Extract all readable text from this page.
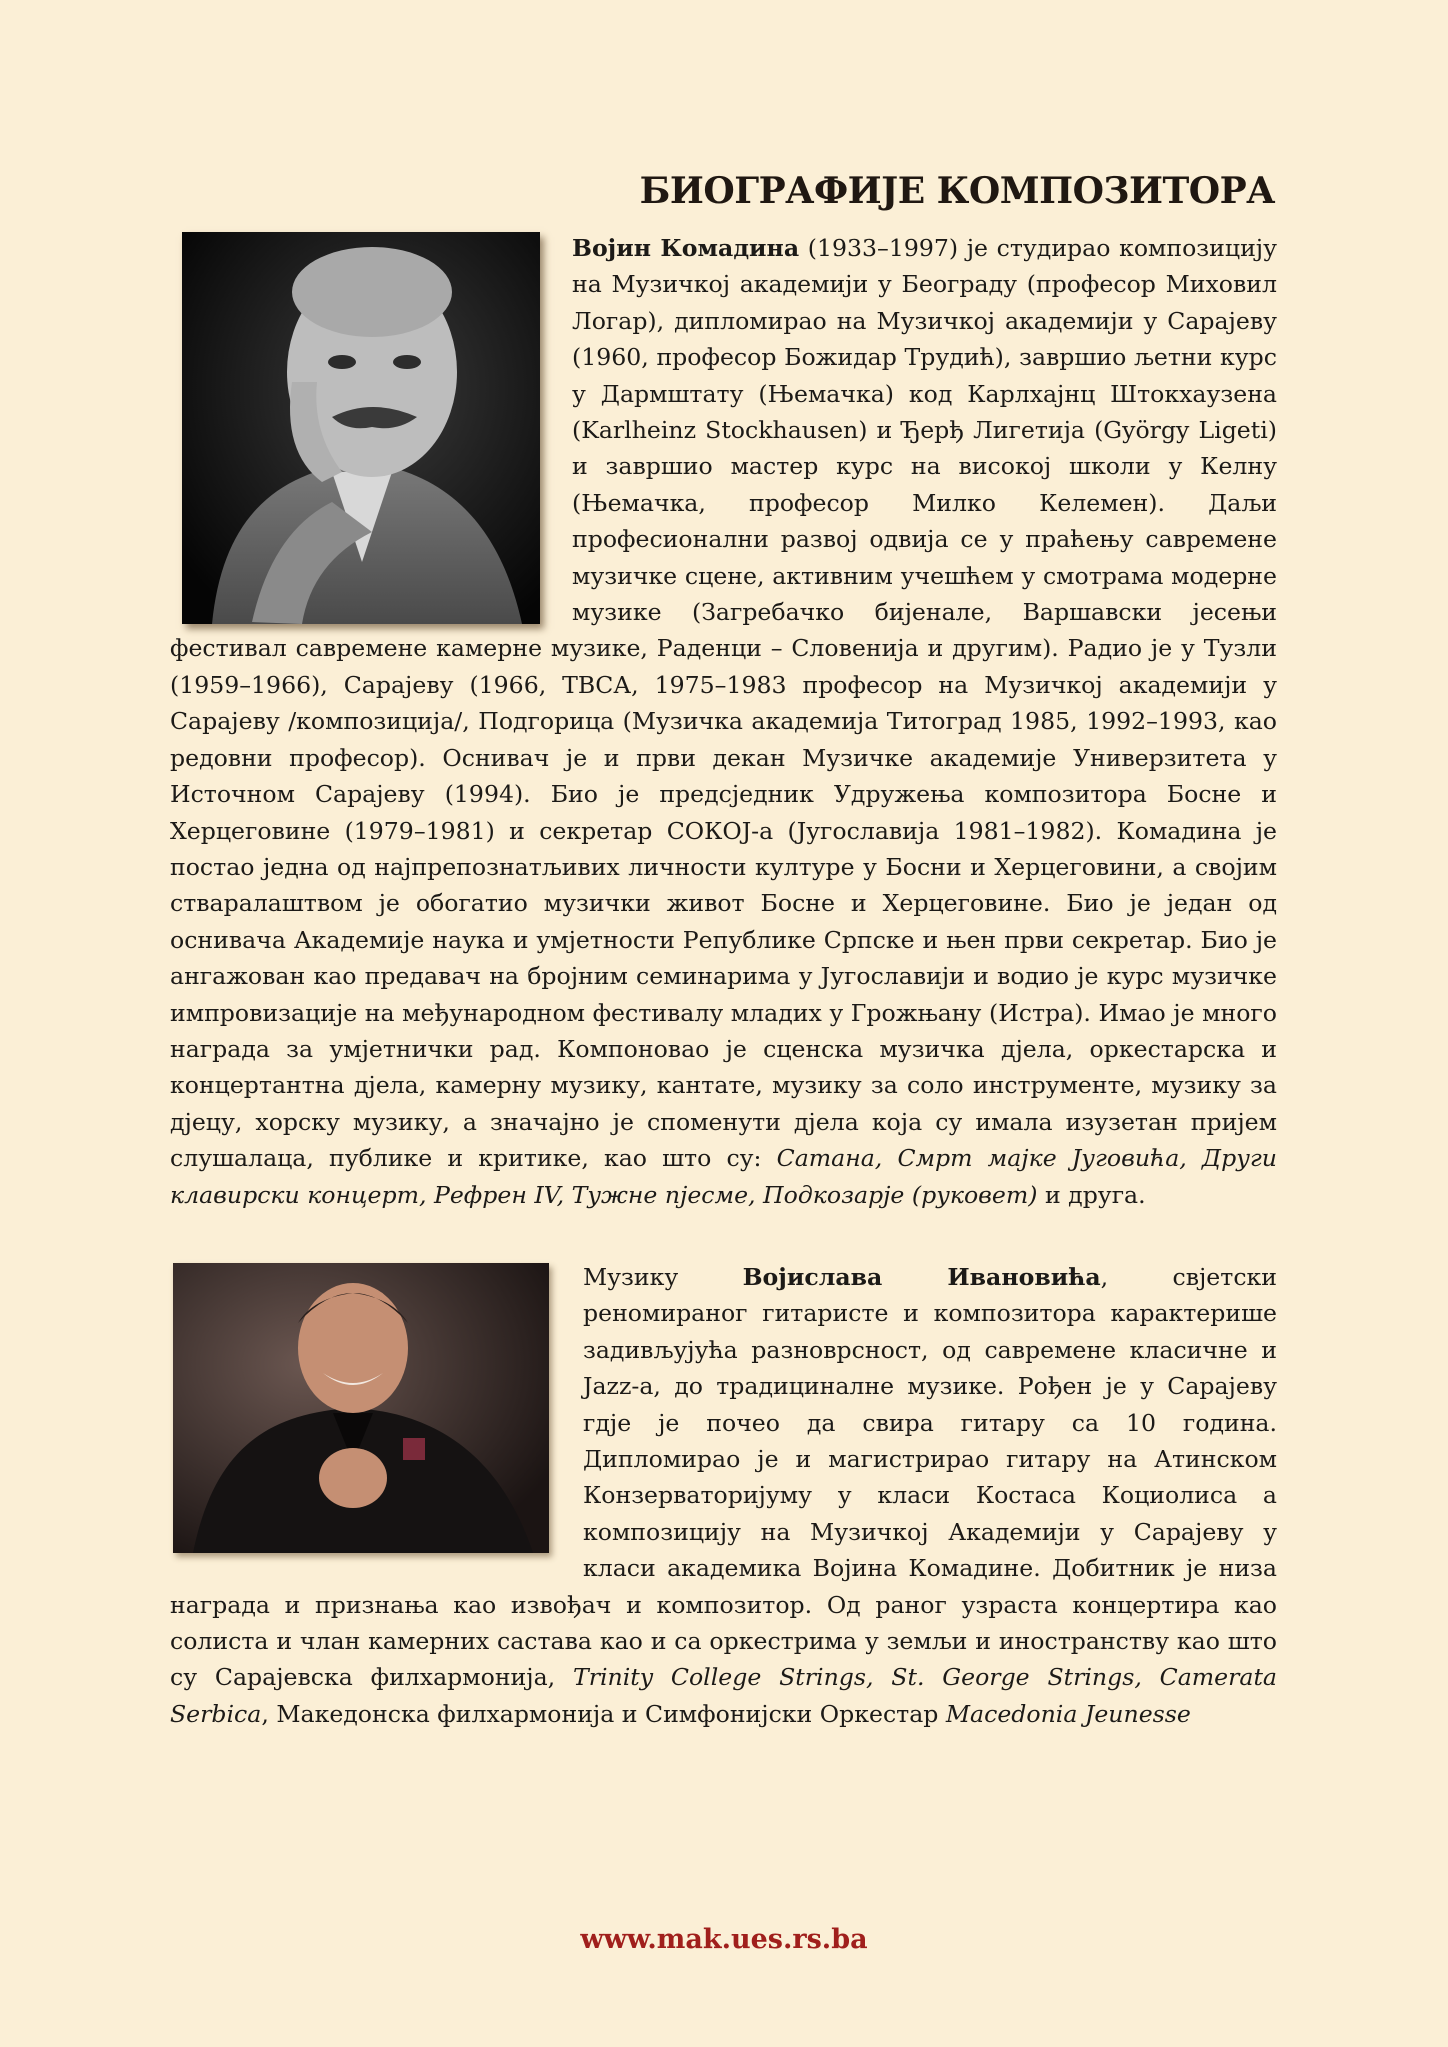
БИОГРАФИЈЕ КОМПОЗИТОРА

Војин Комадина (1933–1997) је студирао композицију на Музичкој академији у Београду (професор Миховил Логар), дипломирао на Музичкој академији у Сарајеву (1960, професор Божидар Трудић), завршио љетни курс у Дармштату (Њемачка) код Карлхајнц Штокхаузена (Karlheinz Stockhausen) и Ђерђ Лигетија (György Ligeti) и завршио мастер курс на високој школи у Келну (Њемачка, професор Милко Келемен). Даљи професионални развој одвија се у праћењу савремене музичке сцене, активним учешћем у смотрама модерне музике (Загребачко бијенале, Варшавски јесењи фестивал савремене камерне музике, Раденци – Словенија и другим). Радио је у Тузли (1959–1966), Сарајеву (1966, ТВСА, 1975–1983 професор на Музичкој академији у Сарајеву /композиција/, Подгорица (Музичка академија Титоград 1985, 1992–1993, као редовни професор). Оснивач је и први декан Музичке академије Универзитета у Источном Сарајеву (1994). Био је предсједник Удружења композитора Босне и Херцеговине (1979–1981) и секретар СОКОЈ-а (Југославија 1981–1982). Комадина је постао једна од најпрепознатљивих личности културе у Босни и Херцеговини, а својим стваралаштвом је обогатио музички живот Босне и Херцеговине. Био је један од оснивача Академије наука и умјетности Републике Српске и њен први секретар. Био је ангажован као предавач на бројним семинарима у Југославији и водио је курс музичке импровизације на међународном фестивалу младих у Грожњану (Истра). Имао је много награда за умјетнички рад. Компоновао је сценска музичка дјела, оркестарска и концертантна дјела, камерну музику, кантате, музику за соло инструменте, музику за дјецу, хорску музику, а значајно је споменути дјела која су имала изузетан пријем слушалаца, публике и критике, као што су: Сатана, Смрт мајке Југовића, Други клавирски концерт, Рефрен IV, Тужне пјесме, Подкозарје (руковет) и друга.

Музику	Војислава Ивановића, свјетски реномираног гитаристе и композитора карактерише задивљујућа разноврсност, од савремене класичне и Jazz-а, до традициналне музике. Рођен је у Сарајеву гдје је почео да свира гитару са 10 година. Дипломирао је и магистрирао гитару на Атинском Конзерваторијуму у класи Костаса Коциолиса а композицију на Музичкој Академији у Сарајеву у класи академика Војина Комадине. Добитник је низа награда и признања као извођач и композитор. Од раног узраста концертира као солиста и члан камерних састава као и са оркестрима у земљи и иностранству као што су Сарајевска филхармонија, Trinity College Strings, St. George Strings, Camerata Serbica, Македонска филхармонија и Симфонијски Оркестар Macedonia Jeunesse

www.mak.ues.rs.ba
